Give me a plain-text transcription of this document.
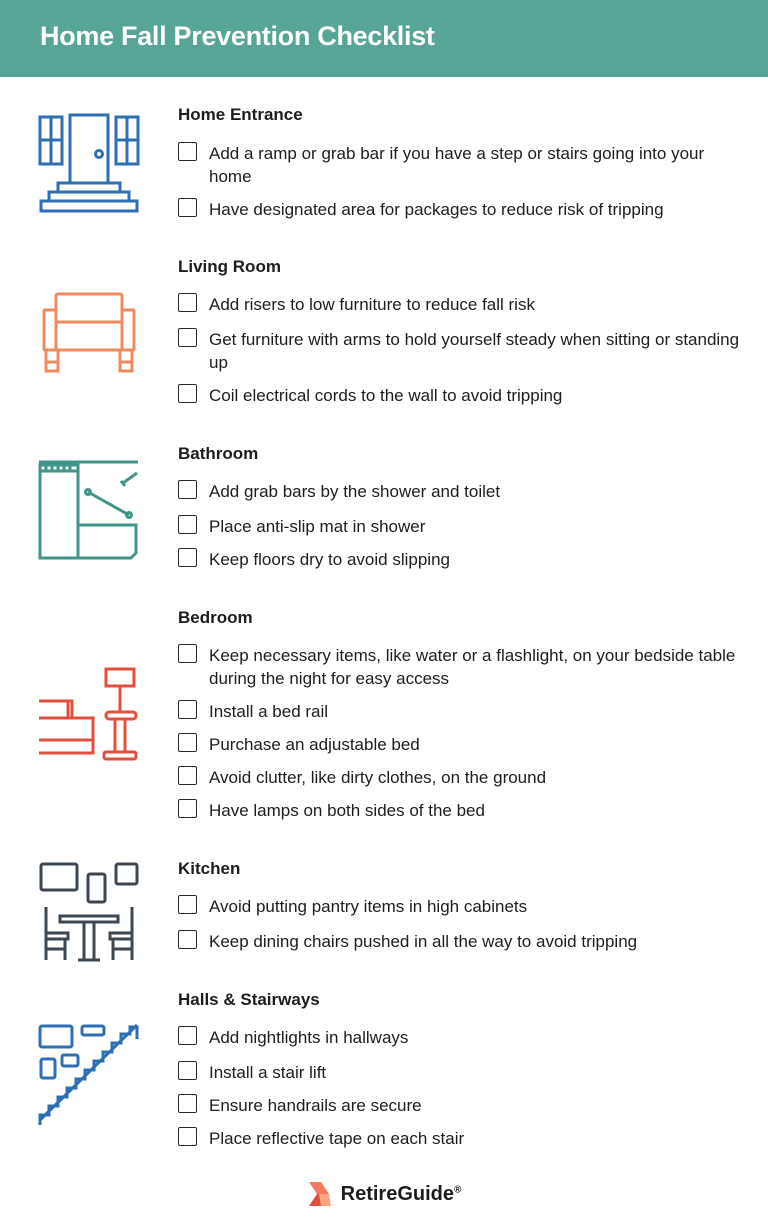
Home Fall Prevention Checklist
Home Entrance
Add a ramp or grab bar if you have a step or stairs going into your home
Have designated area for packages to reduce risk of tripping
Living Room
Add risers to low furniture to reduce fall risk
Get furniture with arms to hold yourself steady when sitting or standing up
Coil electrical cords to the wall to avoid tripping
Bathroom
Add grab bars by the shower and toilet
Place anti-slip mat in shower
Keep floors dry to avoid slipping
Bedroom
Keep necessary items, like water or a flashlight, on your bedside table during the night for easy access
Install a bed rail
Purchase an adjustable bed
Avoid clutter, like dirty clothes, on the ground
Have lamps on both sides of the bed
Kitchen
Avoid putting pantry items in high cabinets
Keep dining chairs pushed in all the way to avoid tripping
Halls & Stairways
Add nightlights in hallways
Install a stair lift
Ensure handrails are secure
Place reflective tape on each stair
RetireGuide®
